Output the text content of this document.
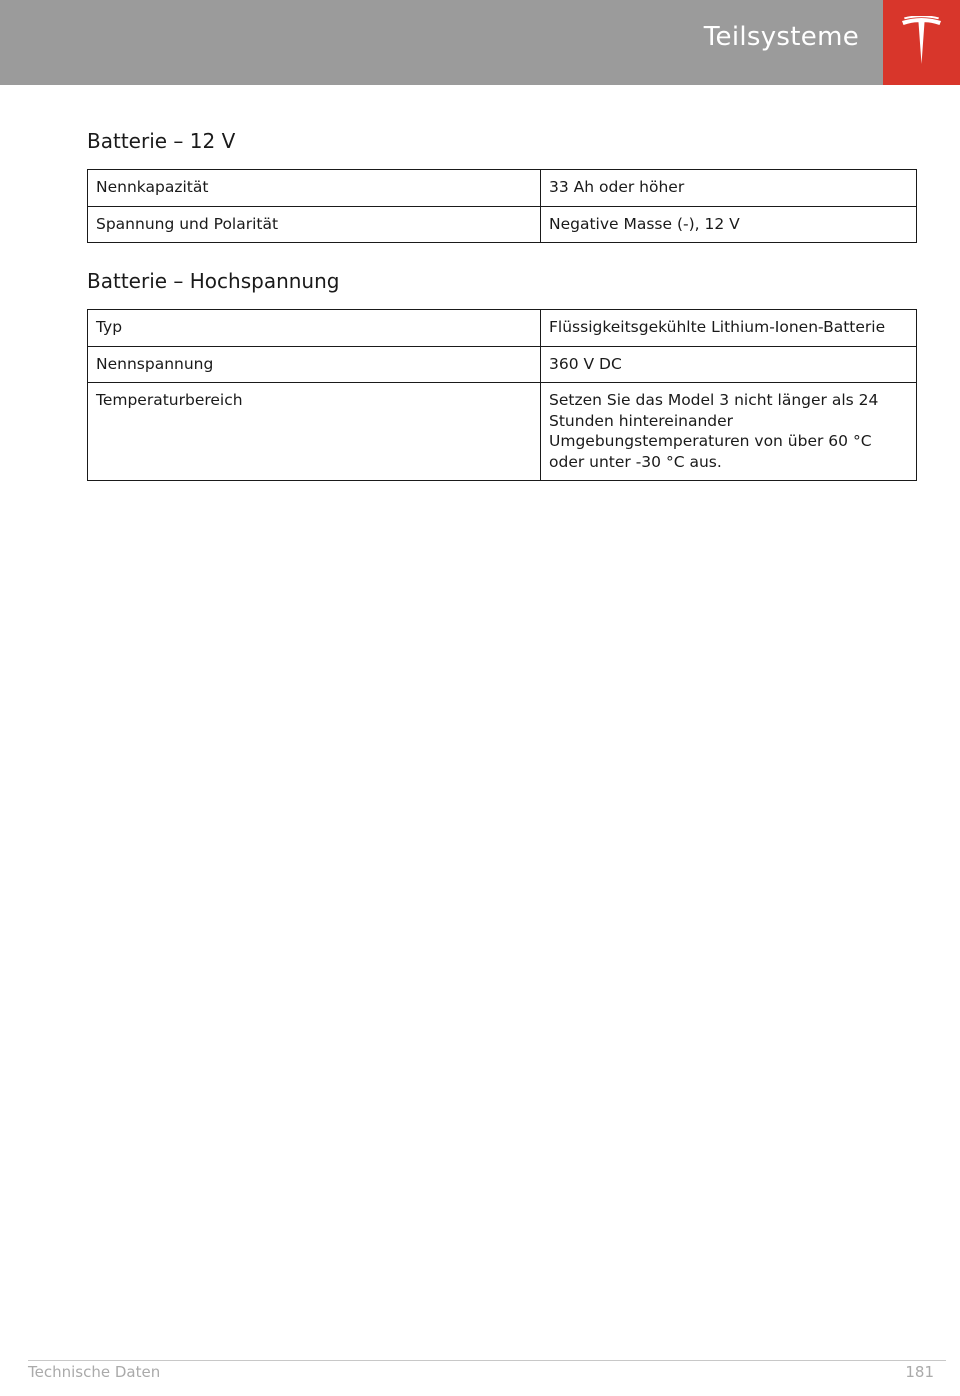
Teilsysteme
Batterie – 12 V
Nennkapazität	33 Ah oder höher
Spannung und Polarität	Negative Masse (-), 12 V
Batterie – Hochspannung
Typ	Flüssigkeitsgekühlte Lithium-Ionen-Batterie
Nennspannung	360 V DC
Temperaturbereich	Setzen Sie das Model 3 nicht länger als 24 Stunden hintereinander Umgebungstemperaturen von über 60 °C oder unter -30 °C aus.
Technische Daten	181
